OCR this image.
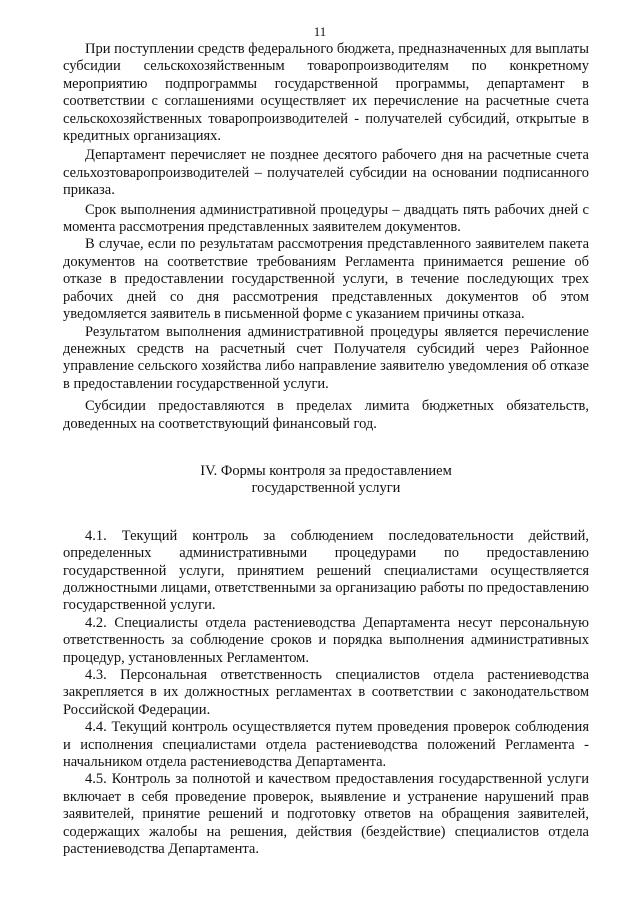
11

При поступлении средств федерального бюджета, предназначенных для выплаты субсидии сельскохозяйственным товаропроизводителям по конкретному мероприятию подпрограммы государственной программы, департамент в соответствии с соглашениями осуществляет их перечисление на расчетные счета сельскохозяйственных товаропроизводителей - получателей субсидий, открытые в кредитных организациях.

Департамент перечисляет не позднее десятого рабочего дня на расчетные счета сельхозтоваропроизводителей – получателей субсидии на основании подписанного приказа.

Срок выполнения административной процедуры – двадцать пять рабочих дней с момента рассмотрения представленных заявителем документов.

В случае, если по результатам рассмотрения представленного заявителем пакета документов на соответствие требованиям Регламента принимается решение об отказе в предоставлении государственной услуги, в течение последующих трех рабочих дней со дня рассмотрения представленных документов об этом уведомляется заявитель в письменной форме с указанием причины отказа.

Результатом выполнения административной процедуры является перечисление денежных средств на расчетный счет Получателя субсидий через Районное управление сельского хозяйства либо направление заявителю уведомления об отказе в предоставлении государственной услуги.

Субсидии предоставляются в пределах лимита бюджетных обязательств, доведенных на соответствующий финансовый год.

IV. Формы контроля за предоставлением
государственной услуги

4.1. Текущий контроль за соблюдением последовательности действий, определенных административными процедурами по предоставлению государственной услуги, принятием решений специалистами осуществляется должностными лицами, ответственными за организацию работы по предоставлению государственной услуги.

4.2. Специалисты отдела растениеводства Департамента несут персональную ответственность за соблюдение сроков и порядка выполнения административных процедур, установленных Регламентом.

4.3. Персональная ответственность специалистов отдела растениеводства закрепляется в их должностных регламентах в соответствии с законодательством Российской Федерации.

4.4. Текущий контроль осуществляется путем проведения проверок соблюдения и исполнения специалистами отдела растениеводства положений Регламента - начальником отдела растениеводства Департамента.

4.5. Контроль за полнотой и качеством предоставления государственной услуги включает в себя проведение проверок, выявление и устранение нарушений прав заявителей, принятие решений и подготовку ответов на обращения заявителей, содержащих жалобы на решения, действия (бездействие) специалистов отдела растениеводства Департамента.
